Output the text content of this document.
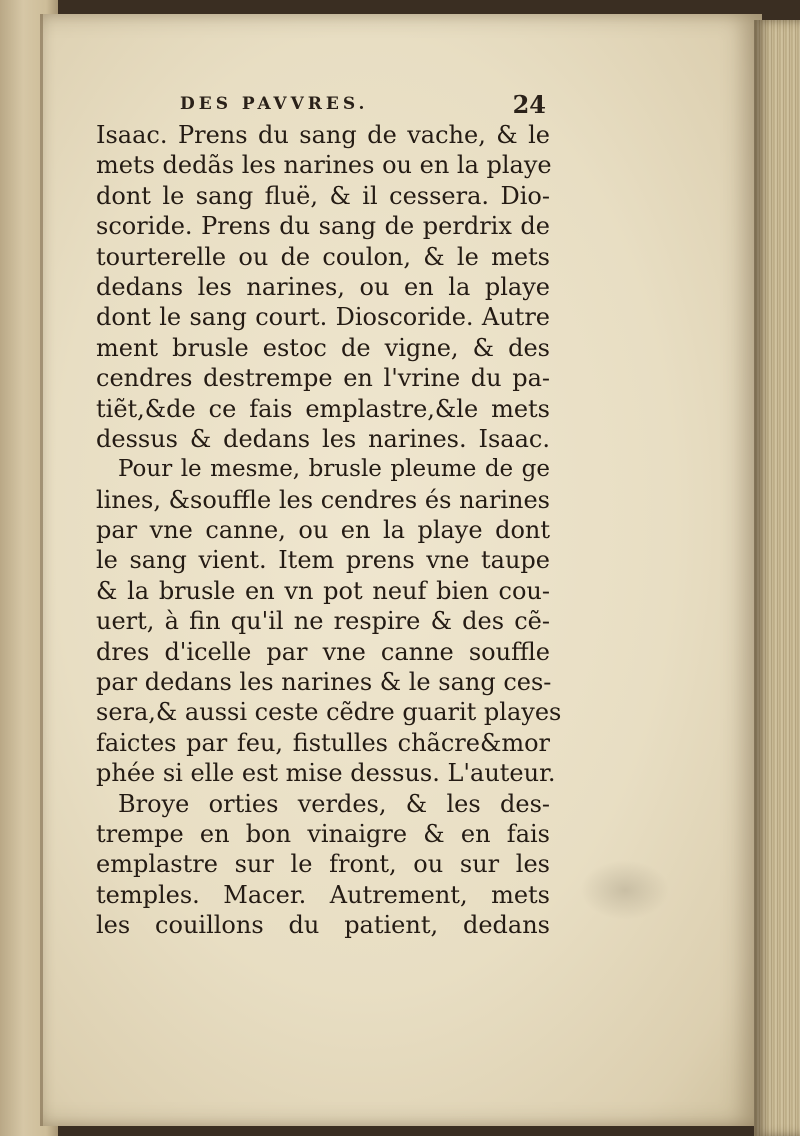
DES PAVVRES.	24
Isaac. Prens du sang de vache, & le
mets dedãs les narines ou en la playe
dont le sang fluë, & il cessera. Dio-
scoride. Prens du sang de perdrix de
tourterelle ou de coulon, & le mets
dedans les narines, ou en la playe
dont le sang court. Dioscoride. Autre
ment brusle estoc de vigne, & des
cendres destrempe en l'vrine du pa-
tiẽt,&de ce fais emplastre,&le mets
dessus & dedans les narines. Isaac.
Pour le mesme, brusle pleume de ge
lines, &souffle les cendres és narines
par vne canne, ou en la playe dont
le sang vient. Item prens vne taupe
& la brusle en vn pot neuf bien cou-
uert, à fin qu'il ne respire & des cẽ-
dres d'icelle par vne canne souffle
par dedans les narines & le sang ces-
sera,& aussi ceste cẽdre guarit playes
faictes par feu, fistulles chãcre&mor
phée si elle est mise dessus. L'auteur.
Broye orties verdes, & les des-
trempe en bon vinaigre & en fais
emplastre sur le front, ou sur les
temples. Macer. Autrement, mets
les couillons du patient, dedans
